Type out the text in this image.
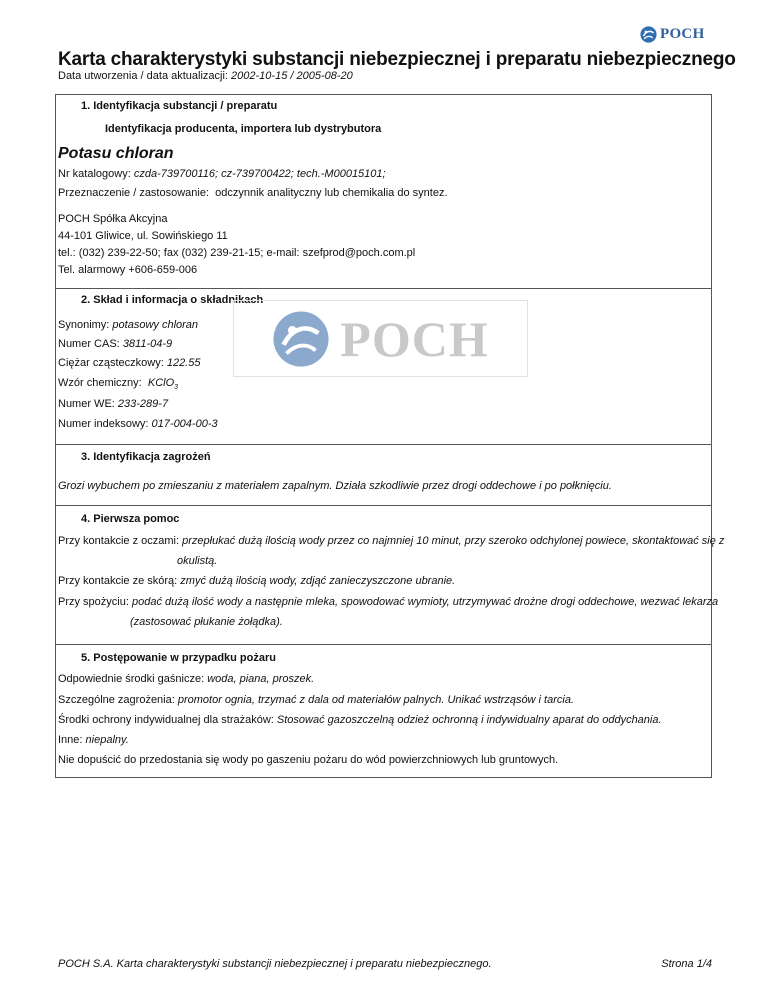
POCH
Karta charakterystyki substancji niebezpiecznej i preparatu niebezpiecznego
Data utworzenia / data aktualizacji: 2002-10-15 / 2005-08-20
1. Identyfikacja substancji / preparatu
Identyfikacja producenta, importera lub dystrybutora
Potasu chloran
Nr katalogowy: czda-739700116; cz-739700422; tech.-M00015101;
Przeznaczenie / zastosowanie: odczynnik analityczny lub chemikalia do syntez.
POCH Spółka Akcyjna
44-101 Gliwice, ul. Sowińskiego 11
tel.: (032) 239-22-50; fax (032) 239-21-15; e-mail: szefprod@poch.com.pl
Tel. alarmowy +606-659-006
2. Skład i informacja o składnikach
POCH
Synonimy: potasowy chloran
Numer CAS: 3811-04-9
Ciężar cząsteczkowy: 122.55
Wzór chemiczny: KClO$_3$
Numer WE: 233-289-7
Numer indeksowy: 017-004-00-3
3. Identyfikacja zagrożeń
Grozi wybuchem po zmieszaniu z materiałem zapalnym. Działa szkodliwie przez drogi oddechowe i po połknięciu.
4. Pierwsza pomoc
Przy kontakcie z oczami: przepłukać dużą ilością wody przez co najmniej 10 minut, przy szeroko odchylonej powiece, skontaktować się z
okulistą.
Przy kontakcie ze skórą: zmyć dużą ilością wody, zdjąć zanieczyszczone ubranie.
Przy spożyciu: podać dużą ilość wody a następnie mleka, spowodować wymioty, utrzymywać drożne drogi oddechowe, wezwać lekarza
(zastosować płukanie żołądka).
5. Postępowanie w przypadku pożaru
Odpowiednie środki gaśnicze: woda, piana, proszek.
Szczególne zagrożenia: promotor ognia, trzymać z dala od materiałów palnych. Unikać wstrząsów i tarcia.
Środki ochrony indywidualnej dla strażaków: Stosować gazoszczelną odzież ochronną i indywidualny aparat do oddychania.
Inne: niepalny.
Nie dopuścić do przedostania się wody po gaszeniu pożaru do wód powierzchniowych lub gruntowych.
POCH S.A. Karta charakterystyki substancji niebezpiecznej i preparatu niebezpiecznego.	Strona 1/4
